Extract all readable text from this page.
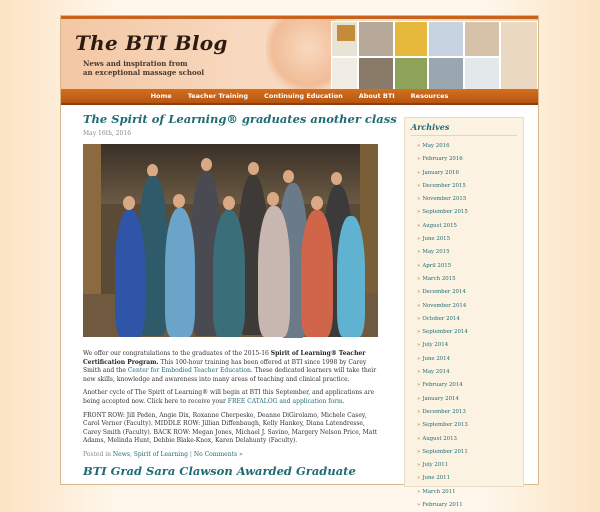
The BTI Blog
News and inspiration from
an exceptional massage school
Home	Teacher Training	Continuing Education	About BTI	Resources
The Spirit of Learning® graduates another class
May 16th, 2016

We offer our congratulations to the graduates of the 2015-16 Spirit of Learning® Teacher Certification Program. This 100-hour training has been offered at BTI since 1998 by Carey Smith and the Center for Embodied Teacher Education. These dedicated learners will take their new skills, knowledge and awareness into many areas of teaching and clinical practice.

Another cycle of The Spirit of Learning® will begin at BTI this September, and applications are being accepted now. Click here to receive your FREE CATALOG and application form.

FRONT ROW: Jill Peden, Angie Dix, Roxanne Cherpeske, Deanne DiGirolamo, Michele Casey, Carol Verner (Faculty). MIDDLE ROW: Jillian Diffenbaugh, Kelly Hankey, Diana Latendresse, Carey Smith (Faculty). BACK ROW: Megan Jones, Michael J. Savino, Margery Nelson Price, Matt Adams, Melinda Hunt, Debbie Blake-Knox, Karen Delahunty (Faculty).

Posted in News, Spirit of Learning | No Comments »
BTI Grad Sara Clawson Awarded Graduate
Archives
» May 2016
» February 2016
» January 2016
» December 2015
» November 2015
» September 2015
» August 2015
» June 2015
» May 2015
» April 2015
» March 2015
» December 2014
» November 2014
» October 2014
» September 2014
» July 2014
» June 2014
» May 2014
» February 2014
» January 2014
» December 2013
» September 2013
» August 2013
» September 2011
» July 2011
» June 2011
» March 2011
» February 2011
